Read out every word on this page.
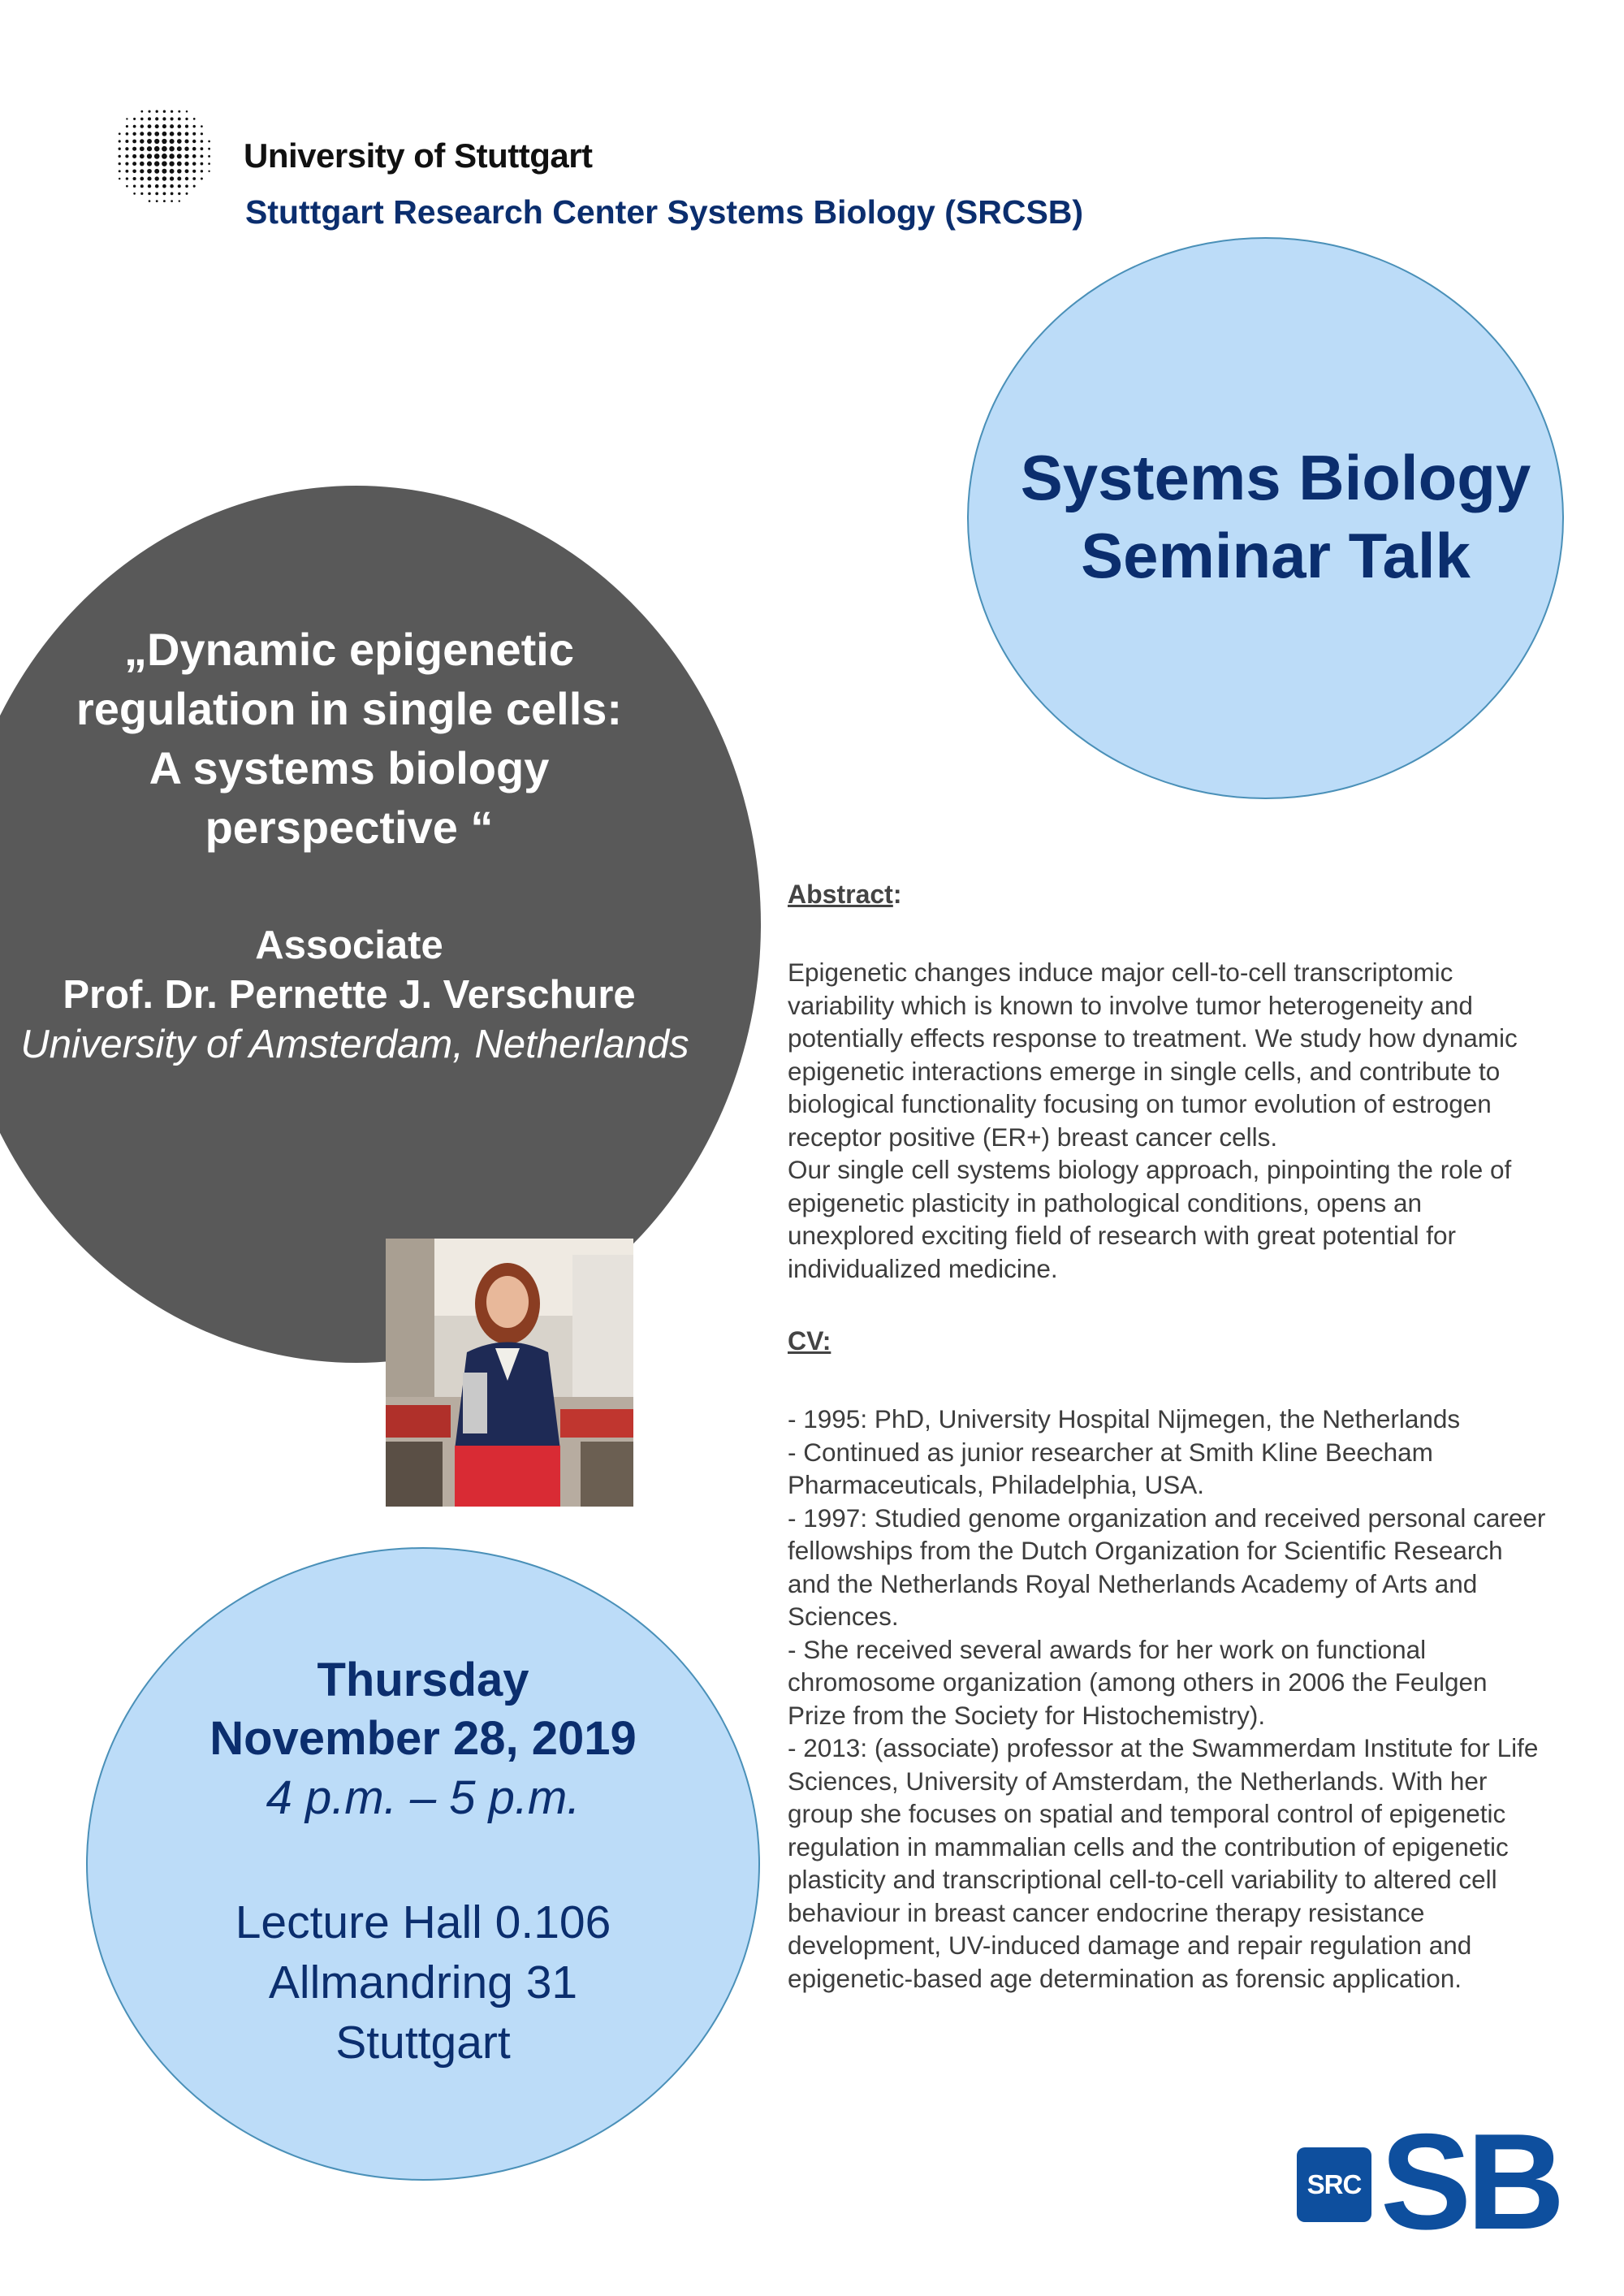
University of Stuttgart
Stuttgart Research Center Systems Biology (SRCSB)
Systems Biology
Seminar Talk
„Dynamic epigenetic
regulation in single cells:
A systems biology
perspective “
Associate
Prof. Dr. Pernette J. Verschure
University of Amsterdam, Netherlands
Thursday
November 28, 2019
4 p.m. – 5 p.m.
Lecture Hall 0.106
Allmandring 31
Stuttgart
Abstract:
Epigenetic changes induce major cell-to-cell transcriptomic
variability which is known to involve tumor heterogeneity and
potentially effects response to treatment. We study how dynamic
epigenetic interactions emerge in single cells, and contribute to
biological functionality focusing on tumor evolution of estrogen
receptor positive (ER+) breast cancer cells.
Our single cell systems biology approach, pinpointing the role of
epigenetic plasticity in pathological conditions, opens an
unexplored exciting field of research with great potential for
individualized medicine.
CV:
- 1995: PhD, University Hospital Nijmegen, the Netherlands
- Continued as junior researcher at Smith Kline Beecham
Pharmaceuticals, Philadelphia, USA.
- 1997: Studied genome organization and received personal career
fellowships from the Dutch Organization for Scientific Research
and the Netherlands Royal Netherlands Academy of Arts and
Sciences.
- She received several awards for her work on functional
chromosome organization (among others in 2006 the Feulgen
Prize from the Society for Histochemistry).
- 2013: (associate) professor at the Swammerdam Institute for Life
Sciences, University of Amsterdam, the Netherlands. With her
group she focuses on spatial and temporal control of epigenetic
regulation in mammalian cells and the contribution of epigenetic
plasticity and transcriptional cell-to-cell variability to altered cell
behaviour in breast cancer endocrine therapy resistance
development, UV-induced damage and repair regulation and
epigenetic-based age determination as forensic application.
SRC SB
